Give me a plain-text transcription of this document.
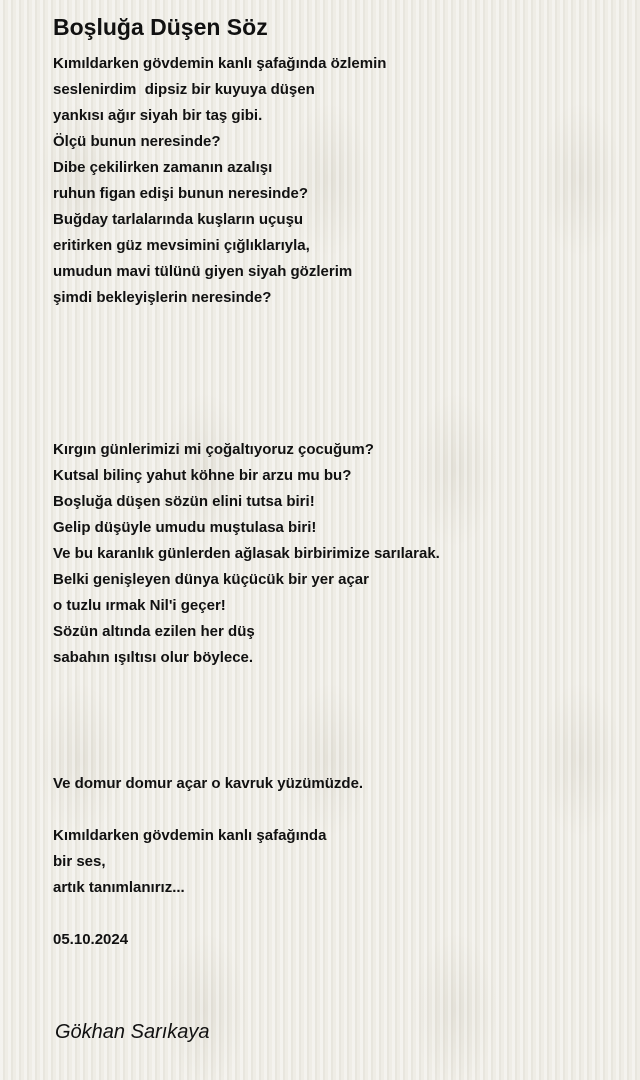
Boşluğa Düşen Söz
Kımıldarken gövdemin kanlı şafağında özlemin
seslenirdim  dipsiz bir kuyuya düşen
yankısı ağır siyah bir taş gibi.
Ölçü bunun neresinde?
Dibe çekilirken zamanın azalışı
ruhun figan edişi bunun neresinde?
Buğday tarlalarında kuşların uçuşu
eritirken güz mevsimini çığlıklarıyla,
umudun mavi tülünü giyen siyah gözlerim
şimdi bekleyişlerin neresinde?
Kırgın günlerimizi mi çoğaltıyoruz çocuğum?
Kutsal bilinç yahut köhne bir arzu mu bu?
Boşluğa düşen sözün elini tutsa biri!
Gelip düşüyle umudu muştulasa biri!
Ve bu karanlık günlerden ağlasak birbirimize sarılarak.
Belki genişleyen dünya küçücük bir yer açar
o tuzlu ırmak Nil'i geçer!
Sözün altında ezilen her düş
sabahın ışıltısı olur böylece.
Ve domur domur açar o kavruk yüzümüzde.
Kımıldarken gövdemin kanlı şafağında
bir ses,
artık tanımlanırız...
05.10.2024

Gökhan Sarıkaya
